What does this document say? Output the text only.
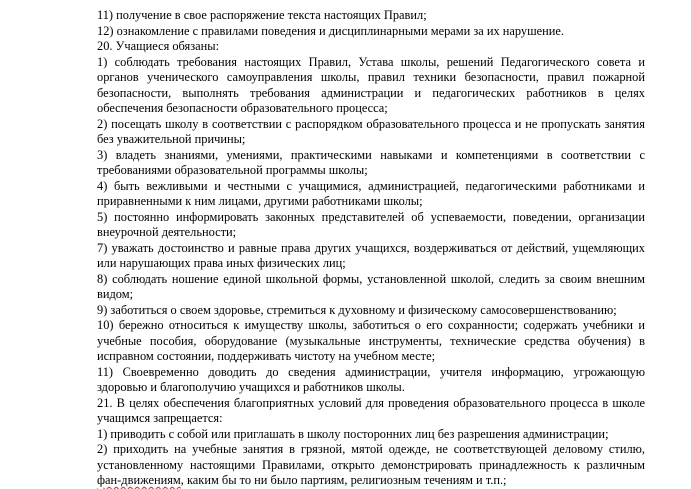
11) получение в свое распоряжение текста настоящих Правил;

12) ознакомление с правилами поведения и дисциплинарными мерами за их нарушение.

20. Учащиеся обязаны:

1) соблюдать требования настоящих Правил, Устава школы, решений Педагогического совета и органов ученического самоуправления школы, правил техники безопасности, правил пожарной безопасности, выполнять требования администрации и педагогических работников в целях обеспечения безопасности образовательного процесса;

2) посещать школу в соответствии с распорядком образовательного процесса и не пропускать занятия без уважительной причины;

3) владеть знаниями, умениями, практическими навыками и компетенциями в соответствии с требованиями образовательной программы школы;

4) быть вежливыми и честными с учащимися, администрацией, педагогическими работниками и приравненными к ним лицами, другими работниками школы;

5) постоянно информировать законных представителей об успеваемости, поведении, организации внеурочной деятельности;

7) уважать достоинство и равные права других учащихся, воздерживаться от действий, ущемляющих или нарушающих права иных физических лиц;

8) соблюдать ношение единой школьной формы, установленной школой, следить за своим внешним видом;

9) заботиться о своем здоровье, стремиться к духовному и физическому самосовершенствованию;

10) бережно относиться к имуществу школы, заботиться о его сохранности; содержать учебники и учебные пособия, оборудование (музыкальные инструменты, технические средства обучения) в исправном состоянии, поддерживать чистоту на учебном месте;

11) Своевременно доводить до сведения администрации, учителя информацию, угрожающую здоровью и благополучию учащихся и работников школы.

21. В целях обеспечения благоприятных условий для проведения образовательного процесса в школе учащимся запрещается:

1) приводить с собой или приглашать в школу посторонних лиц без разрешения администрации;

2) приходить на учебные занятия в грязной, мятой одежде, не соответствующей деловому стилю, установленному настоящими Правилами, открыто демонстрировать принадлежность к различным фан-движениям, каким бы то ни было партиям, религиозным течениям и т.п.;
